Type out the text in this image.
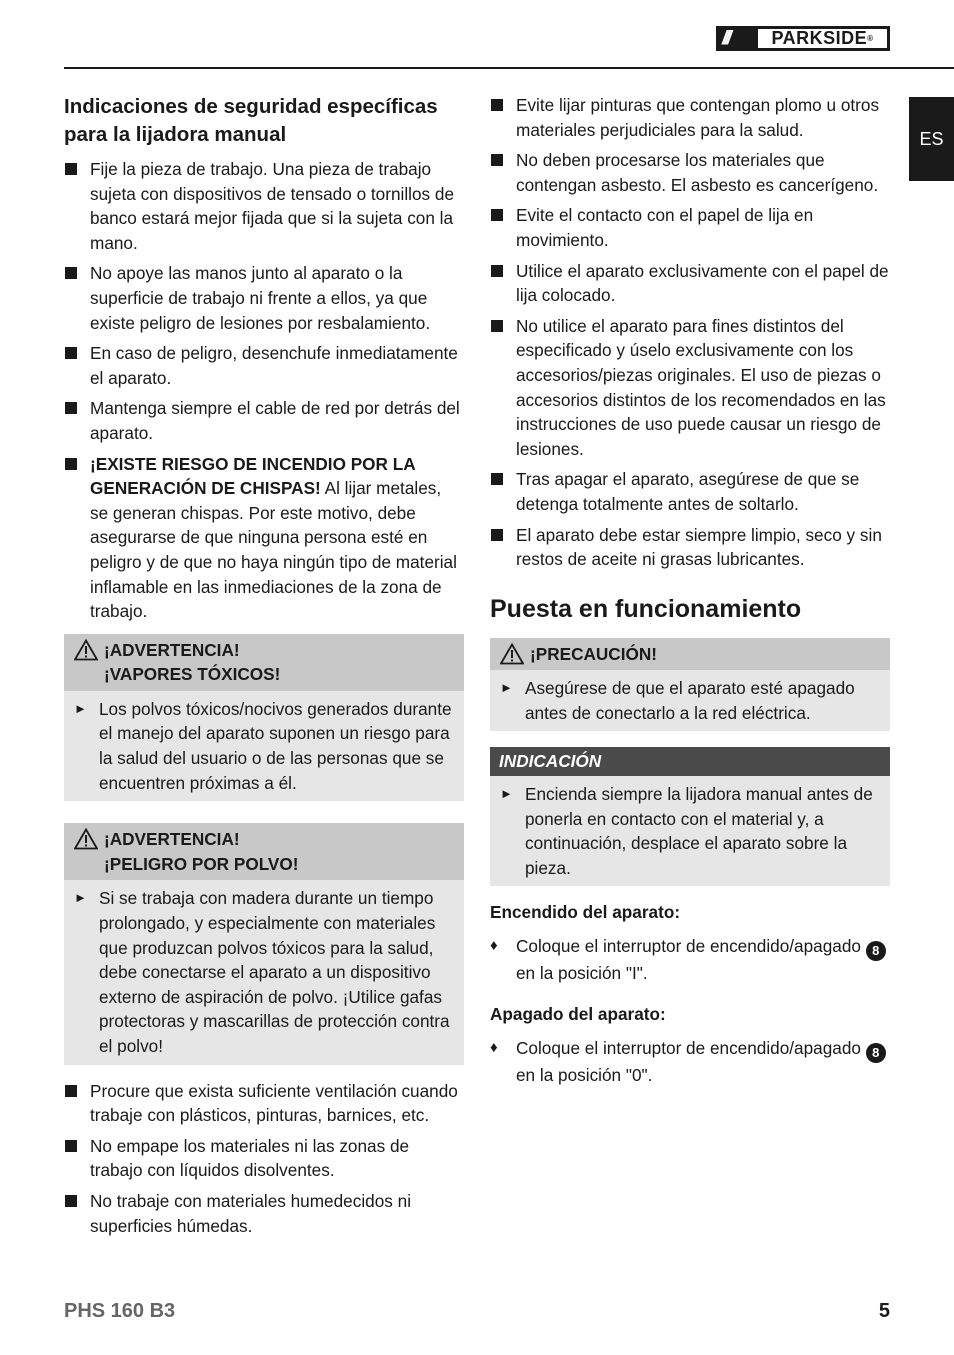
///	PARKSIDE ®
ES
Indicaciones de seguridad específicas para la lijadora manual
Fije la pieza de trabajo. Una pieza de trabajo sujeta con dispositivos de tensado o tornillos de banco estará mejor fijada que si la sujeta con la mano.
No apoye las manos junto al aparato o la superficie de trabajo ni frente a ellos, ya que existe peligro de lesiones por resbalamiento.
En caso de peligro, desenchufe inmediatamente el aparato.
Mantenga siempre el cable de red por detrás del aparato.
¡EXISTE RIESGO DE INCENDIO POR LA GENERACIÓN DE CHISPAS! Al lijar metales, se generan chispas. Por este motivo, debe asegurarse de que ninguna persona esté en peligro y de que no haya ningún tipo de material inflamable en las inmediaciones de la zona de trabajo.
¡ADVERTENCIA!
¡VAPORES TÓXICOS!
► Los polvos tóxicos/nocivos generados durante el manejo del aparato suponen un riesgo para la salud del usuario o de las personas que se encuentren próximas a él.
¡ADVERTENCIA!
¡PELIGRO POR POLVO!
► Si se trabaja con madera durante un tiempo prolongado, y especialmente con materiales que produzcan polvos tóxicos para la salud, debe conectarse el aparato a un dispositivo externo de aspiración de polvo. ¡Utilice gafas protectoras y mascarillas de protección contra el polvo!
Procure que exista suficiente ventilación cuando trabaje con plásticos, pinturas, barnices, etc.
No empape los materiales ni las zonas de trabajo con líquidos disolventes.
No trabaje con materiales humedecidos ni superficies húmedas.
Evite lijar pinturas que contengan plomo u otros materiales perjudiciales para la salud.
No deben procesarse los materiales que contengan asbesto. El asbesto es cancerígeno.
Evite el contacto con el papel de lija en movimiento.
Utilice el aparato exclusivamente con el papel de lija colocado.
No utilice el aparato para fines distintos del especificado y úselo exclusivamente con los accesorios/piezas originales. El uso de piezas o accesorios distintos de los recomendados en las instrucciones de uso puede causar un riesgo de lesiones.
Tras apagar el aparato, asegúrese de que se detenga totalmente antes de soltarlo.
El aparato debe estar siempre limpio, seco y sin restos de aceite ni grasas lubricantes.
Puesta en funcionamiento
¡PRECAUCIÓN!
► Asegúrese de que el aparato esté apagado antes de conectarlo a la red eléctrica.
INDICACIÓN
► Encienda siempre la lijadora manual antes de ponerla en contacto con el material y, a continuación, desplace el aparato sobre la pieza.
Encendido del aparato:
♦ Coloque el interruptor de encendido/apagado 8 en la posición "I".
Apagado del aparato:
♦ Coloque el interruptor de encendido/apagado 8 en la posición "0".
PHS 160 B3	5
